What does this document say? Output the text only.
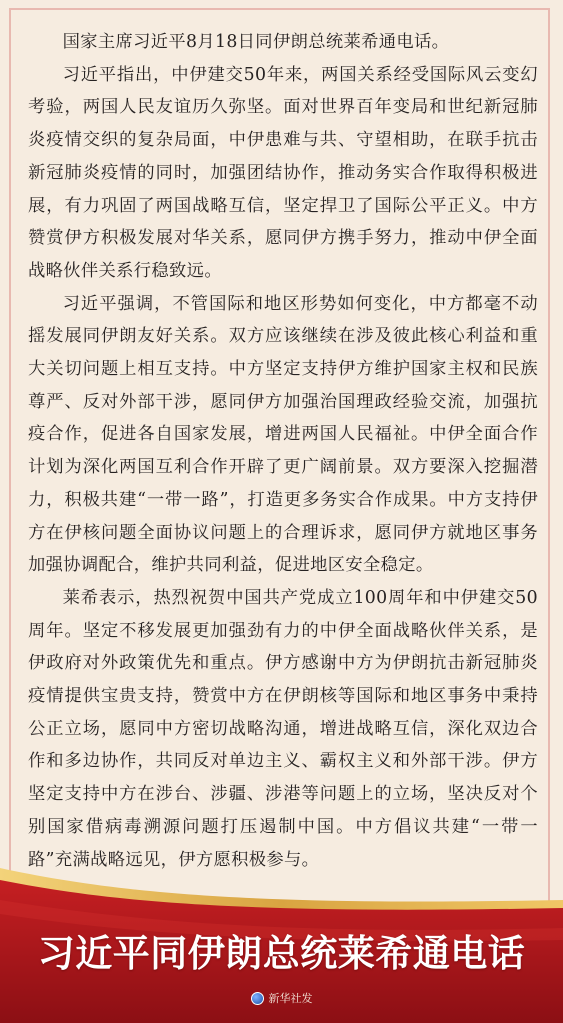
国家主席习近平8月18日同伊朗总统莱希通电话。

习近平指出，中伊建交50年来，两国关系经受国际风云变幻考验，两国人民友谊历久弥坚。面对世界百年变局和世纪新冠肺炎疫情交织的复杂局面，中伊患难与共、守望相助，在联手抗击新冠肺炎疫情的同时，加强团结协作，推动务实合作取得积极进展，有力巩固了两国战略互信，坚定捍卫了国际公平正义。中方赞赏伊方积极发展对华关系，愿同伊方携手努力，推动中伊全面战略伙伴关系行稳致远。

习近平强调，不管国际和地区形势如何变化，中方都毫不动摇发展同伊朗友好关系。双方应该继续在涉及彼此核心利益和重大关切问题上相互支持。中方坚定支持伊方维护国家主权和民族尊严、反对外部干涉，愿同伊方加强治国理政经验交流，加强抗疫合作，促进各自国家发展，增进两国人民福祉。中伊全面合作计划为深化两国互利合作开辟了更广阔前景。双方要深入挖掘潜力，积极共建“一带一路”，打造更多务实合作成果。中方支持伊方在伊核问题全面协议问题上的合理诉求，愿同伊方就地区事务加强协调配合，维护共同利益，促进地区安全稳定。

莱希表示，热烈祝贺中国共产党成立100周年和中伊建交50周年。坚定不移发展更加强劲有力的中伊全面战略伙伴关系，是伊政府对外政策优先和重点。伊方感谢中方为伊朗抗击新冠肺炎疫情提供宝贵支持，赞赏中方在伊朗核等国际和地区事务中秉持公正立场，愿同中方密切战略沟通，增进战略互信，深化双边合作和多边协作，共同反对单边主义、霸权主义和外部干涉。伊方坚定支持中方在涉台、涉疆、涉港等问题上的立场，坚决反对个别国家借病毒溯源问题打压遏制中国。中方倡议共建“一带一路”充满战略远见，伊方愿积极参与。

习近平同伊朗总统莱希通电话
新华社发
